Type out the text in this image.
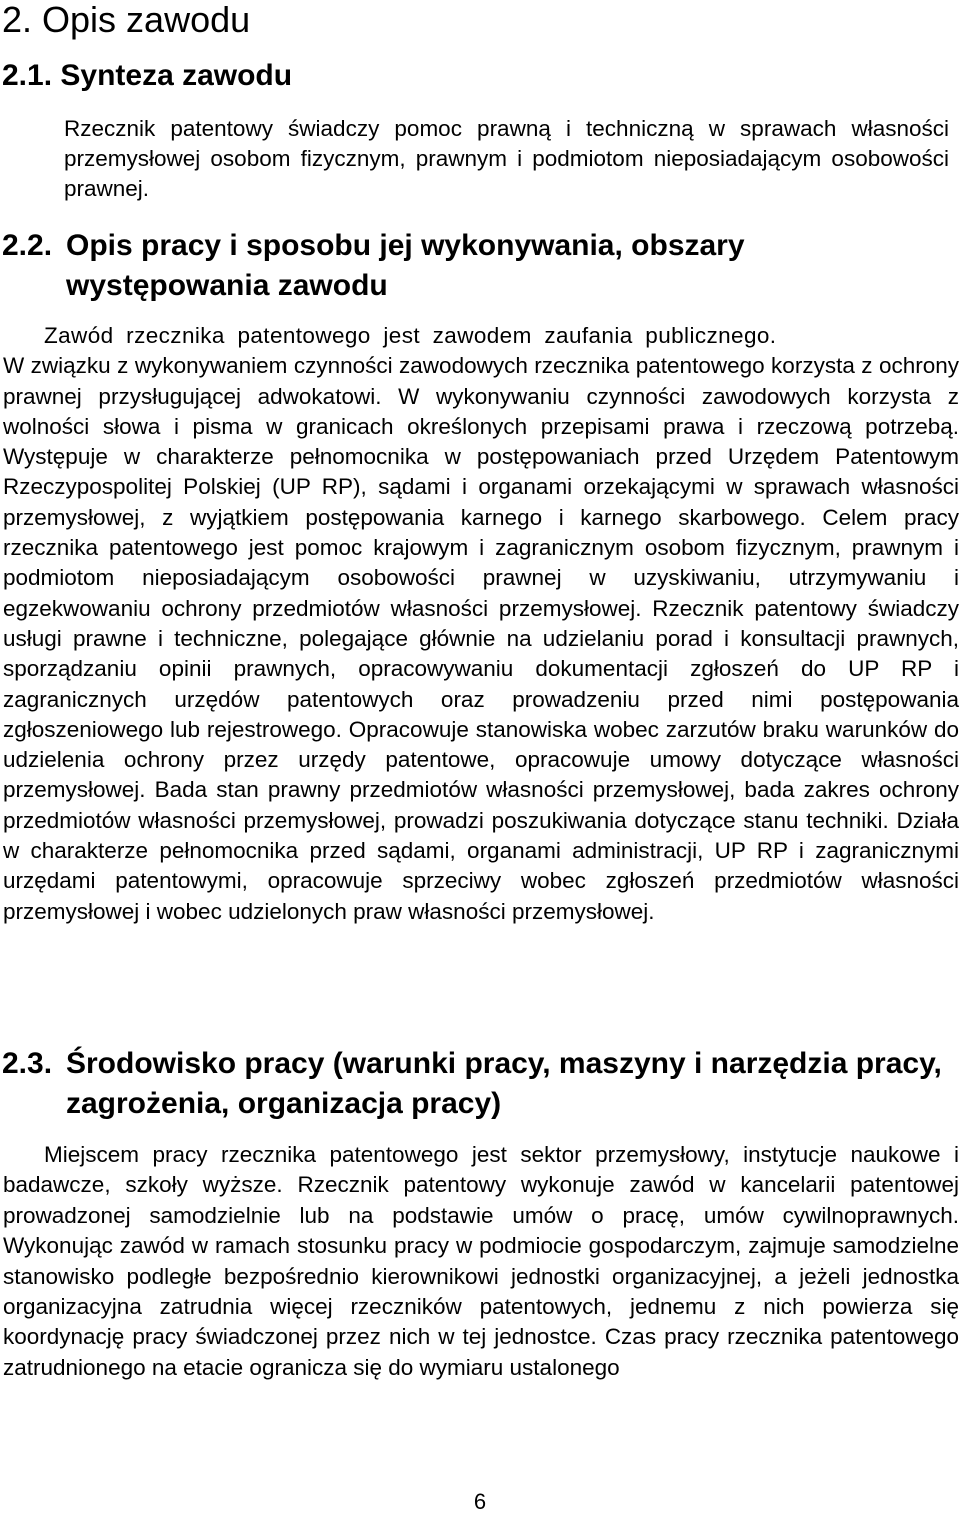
2. Opis zawodu
2.1. Synteza zawodu

Rzecznik patentowy świadczy pomoc prawną i techniczną w sprawach własności przemysłowej osobom fizycznym, prawnym i podmiotom nieposiadającym osobowości prawnej.

2.2. Opis pracy i sposobu jej wykonywania, obszary występowania zawodu
Zawód rzecznika patentowego jest zawodem zaufania publicznego.
W związku z wykonywaniem czynności zawodowych rzecznika patentowego korzysta z ochrony prawnej przysługującej adwokatowi. W wykonywaniu czynności zawodowych korzysta z wolności słowa i pisma w granicach określonych przepisami prawa i rzeczową potrzebą. Występuje w charakterze pełnomocnika w postępowaniach przed Urzędem Patentowym Rzeczypospolitej Polskiej (UP RP), sądami i organami orzekającymi w sprawach własności przemysłowej, z wyjątkiem postępowania karnego i karnego skarbowego. Celem pracy rzecznika patentowego jest pomoc krajowym i zagranicznym osobom fizycznym, prawnym i podmiotom nieposiadającym osobowości prawnej w uzyskiwaniu, utrzymywaniu i egzekwowaniu ochrony przedmiotów własności przemysłowej. Rzecznik patentowy świadczy usługi prawne i techniczne, polegające głównie na udzielaniu porad i konsultacji prawnych, sporządzaniu opinii prawnych, opracowywaniu dokumentacji zgłoszeń do UP RP i zagranicznych urzędów patentowych oraz prowadzeniu przed nimi postępowania zgłoszeniowego lub rejestrowego. Opracowuje stanowiska wobec zarzutów braku warunków do udzielenia ochrony przez urzędy patentowe, opracowuje umowy dotyczące własności przemysłowej. Bada stan prawny przedmiotów własności przemysłowej, bada zakres ochrony przedmiotów własności przemysłowej, prowadzi poszukiwania dotyczące stanu techniki. Działa w charakterze pełnomocnika przed sądami, organami administracji, UP RP i zagranicznymi urzędami patentowymi, opracowuje sprzeciwy wobec zgłoszeń przedmiotów własności przemysłowej i wobec udzielonych praw własności przemysłowej.
2.3. Środowisko pracy (warunki pracy, maszyny i narzędzia pracy, zagrożenia, organizacja pracy)

Miejscem pracy rzecznika patentowego jest sektor przemysłowy, instytucje naukowe i badawcze, szkoły wyższe. Rzecznik patentowy wykonuje zawód w kancelarii patentowej prowadzonej samodzielnie lub na podstawie umów o pracę, umów cywilnoprawnych. Wykonując zawód w ramach stosunku pracy w podmiocie gospodarczym, zajmuje samodzielne stanowisko podległe bezpośrednio kierownikowi jednostki organizacyjnej, a jeżeli jednostka organizacyjna zatrudnia więcej rzeczników patentowych, jednemu z nich powierza się koordynację pracy świadczonej przez nich w tej jednostce. Czas pracy rzecznika patentowego zatrudnionego na etacie ogranicza się do wymiaru ustalonego

6
